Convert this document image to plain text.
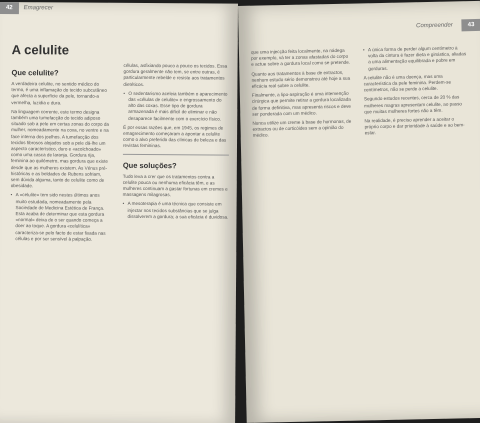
42	Emagrecer
A celulite
Que celulite?

A verdadeira celulite, no sentido médico do termo, é uma inflamação do tecido subcutâneo que afecta a superfície da pele, tornando-a vermelha, luzidia e dura.

Na linguagem corrente, este termo designa também uma tumefacção do tecido adiposo situado sob a pele em certas zonas do corpo da mulher, nomeadamente na coxa, no ventre e na face interna dos joelhos. A tumefacção dos tecidos fibrosos alojados sob a pele dá-lhe um aspecto característico, duro e «acolchoado» como uma casca de laranja. Gordura rija, feminina ao quilómetro, mas gordura que existe desde que as mulheres existem. As Vénus pré-históricas e as beldades de Rubens sofriam, sem dúvida alguma, tanto de celulite como de obesidade.

• A «celulite» tem sido nestes últimos anos muito estudada, nomeadamente pela Sociedade de Medicina Estética de França. Esta acaba de determinar que esta gordura «normal» deixa de o ser quando começa a doer ao toque. A gordura «celulítica» caracteriza-se pelo facto de estar fixada nas células e por ser sensível à palpação.

células, asfixiando pouco a pouco os tecidos. Essa gordura geralmente não tem, se entre outras, é particularmente rebelde e resiste aos tratamentos dietéticos.

• O sedentarismo aceleia também o aparecimento das «células de celulite» e engrossamento do alto das coxas. Esse tipo de gordura armazenada é mais difícil de eliminar e não desaparece facilmente com o exercício físico.

É por essas razões que, em 1945, os regimes de emagrecimento começaram a apontar a celulite como o alvo preferido das clínicas de beleza e das revistas femininas.

Que soluções?

Tudo leva a crer que os tratamentos contra a celulite pouca ou nenhuma eficácia têm, e as mulheres continuam a gastar fortunas em cremes e massagens milagrosas.

• A mesoterapia é uma técnica que consiste em injectar nos tecidos substâncias que se julga dissolverem a gordura; a sua eficácia é duvidosa.

Compreender	43

que uma injecção feita localmente, na nádega por exemplo, vá ter a zonas afastadas do corpo e actue sobre a gordura local como se pretende.

Quanto aos tratamentos à base de extractos, nenhum estudo sério demonstrou até hoje a sua eficácia real sobre a celulite.

Finalmente, a lipo-aspiração é uma intervenção cirúrgica que permite retirar a gordura localizada de forma definitiva, mas apresenta riscos e deve ser ponderada com um médico.

Nunca utilize um creme à base de hormonas, de extractos ou de corticóides sem a opinião do médico.

• A única forma de perder algum centímetro à volta da cintura é fazer dieta e ginástica, aliadas a uma alimentação equilibrada e pobre em gorduras.

A celulite não é uma doença, mas uma característica da pele feminina. Perdem-se centímetros, não se perde a celulite.

Segundo estudos recentes, cerca de 20 % das mulheres magras apresentam celulite, ao passo que muitas mulheres fortes não a têm.

Na realidade, é preciso aprender a aceitar o próprio corpo e dar prioridade à saúde e ao bem-estar.
